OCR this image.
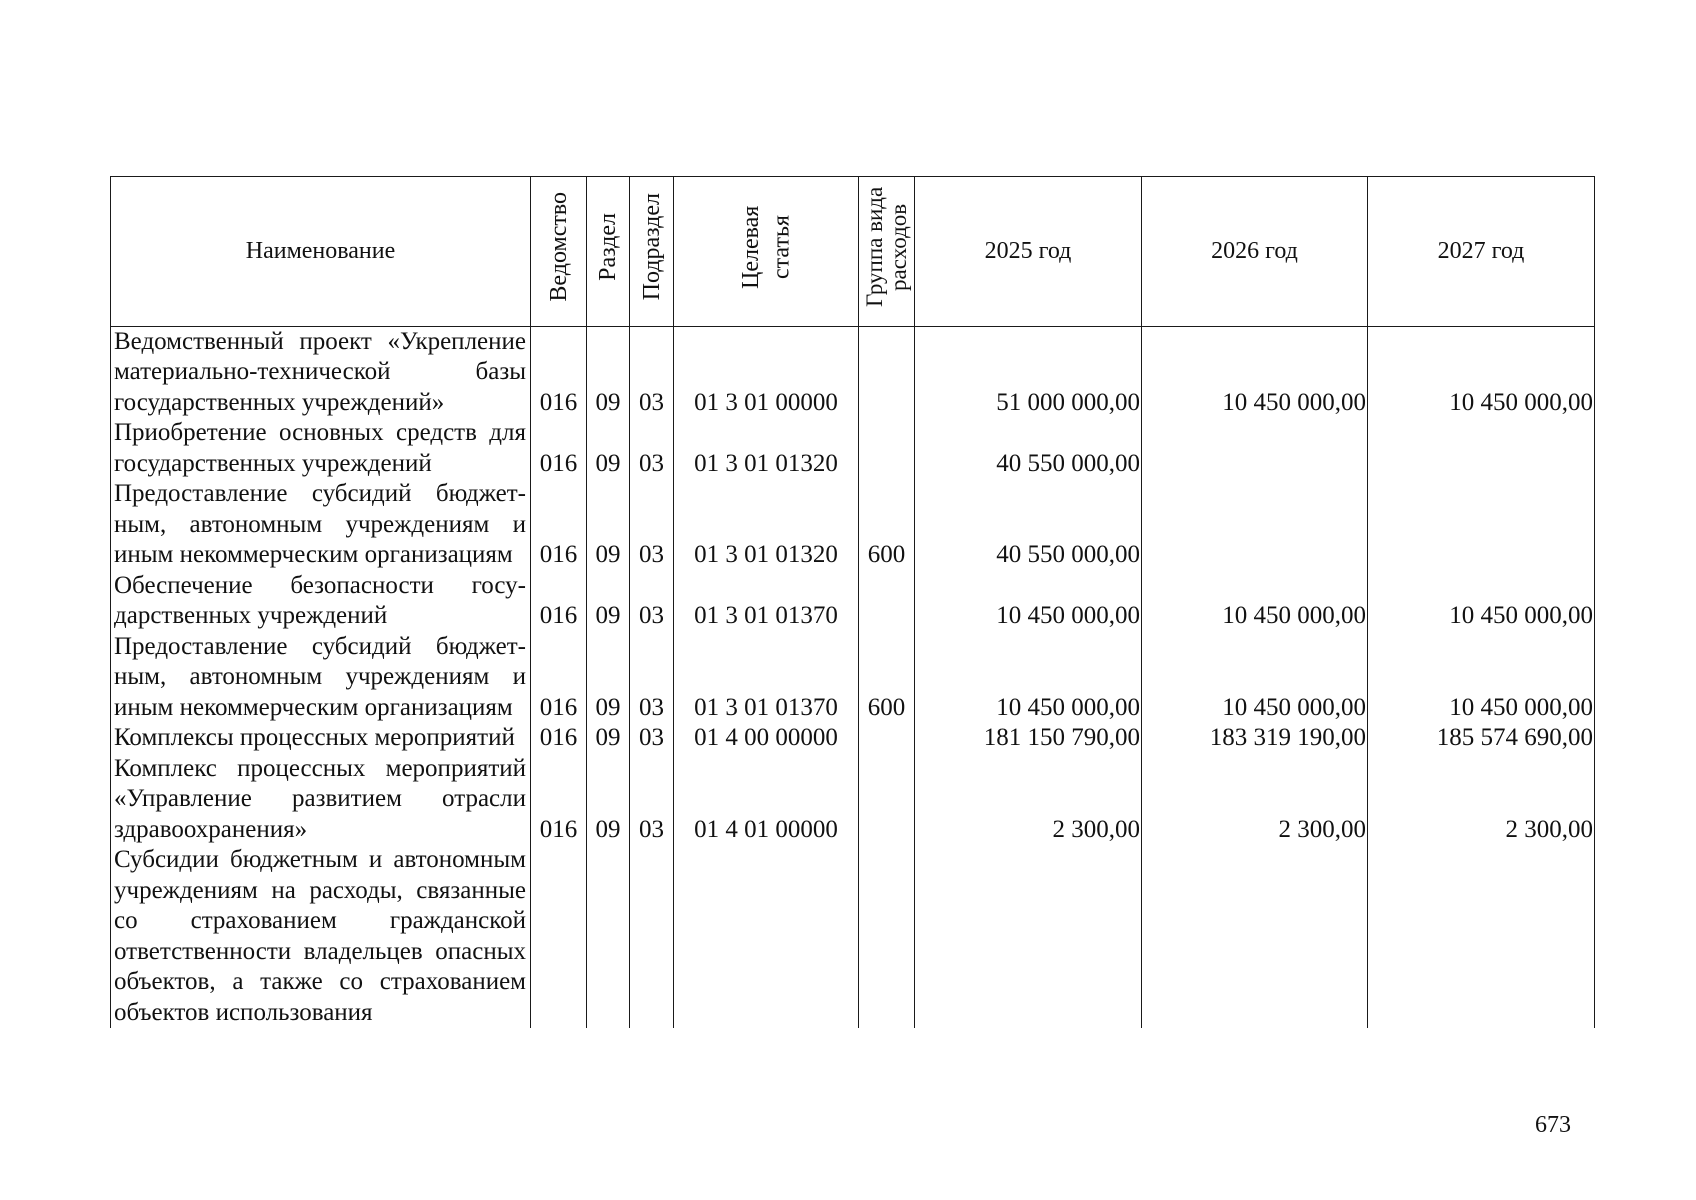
Наименование	Ведомство	Раздел	Подраздел	Целевая статья	Группа видарасходов	2025 год	2026 год	2027 год
Ведомственный проект «Укрепление материально-технической базы государственных учреждений»	016	09	03	01 3 01 00000		51 000 000,00	10 450 000,00	10 450 000,00
Приобретение основных средств для государственных учреждений	016	09	03	01 3 01 01320		40 550 000,00		
Предоставление субсидий бюджетным, автономным учреждениям и иным некоммерческим организациям	016	09	03	01 3 01 01320	600	40 550 000,00		
Обеспечение безопасности государственных учреждений	016	09	03	01 3 01 01370		10 450 000,00	10 450 000,00	10 450 000,00
Предоставление субсидий бюджетным, автономным учреждениям и иным некоммерческим организациям	016	09	03	01 3 01 01370	600	10 450 000,00	10 450 000,00	10 450 000,00
Комплексы процессных мероприятий	016	09	03	01 4 00 00000		181 150 790,00	183 319 190,00	185 574 690,00
Комплекс процессных мероприятий «Управление развитием отрасли здравоохранения»	016	09	03	01 4 01 00000		2 300,00	2 300,00	2 300,00
Субсидии бюджетным и автономным учреждениям на расходы, связанные со страхованием гражданской ответственности владельцев опасных объектов, а также со страхованием объектов использования								
673
